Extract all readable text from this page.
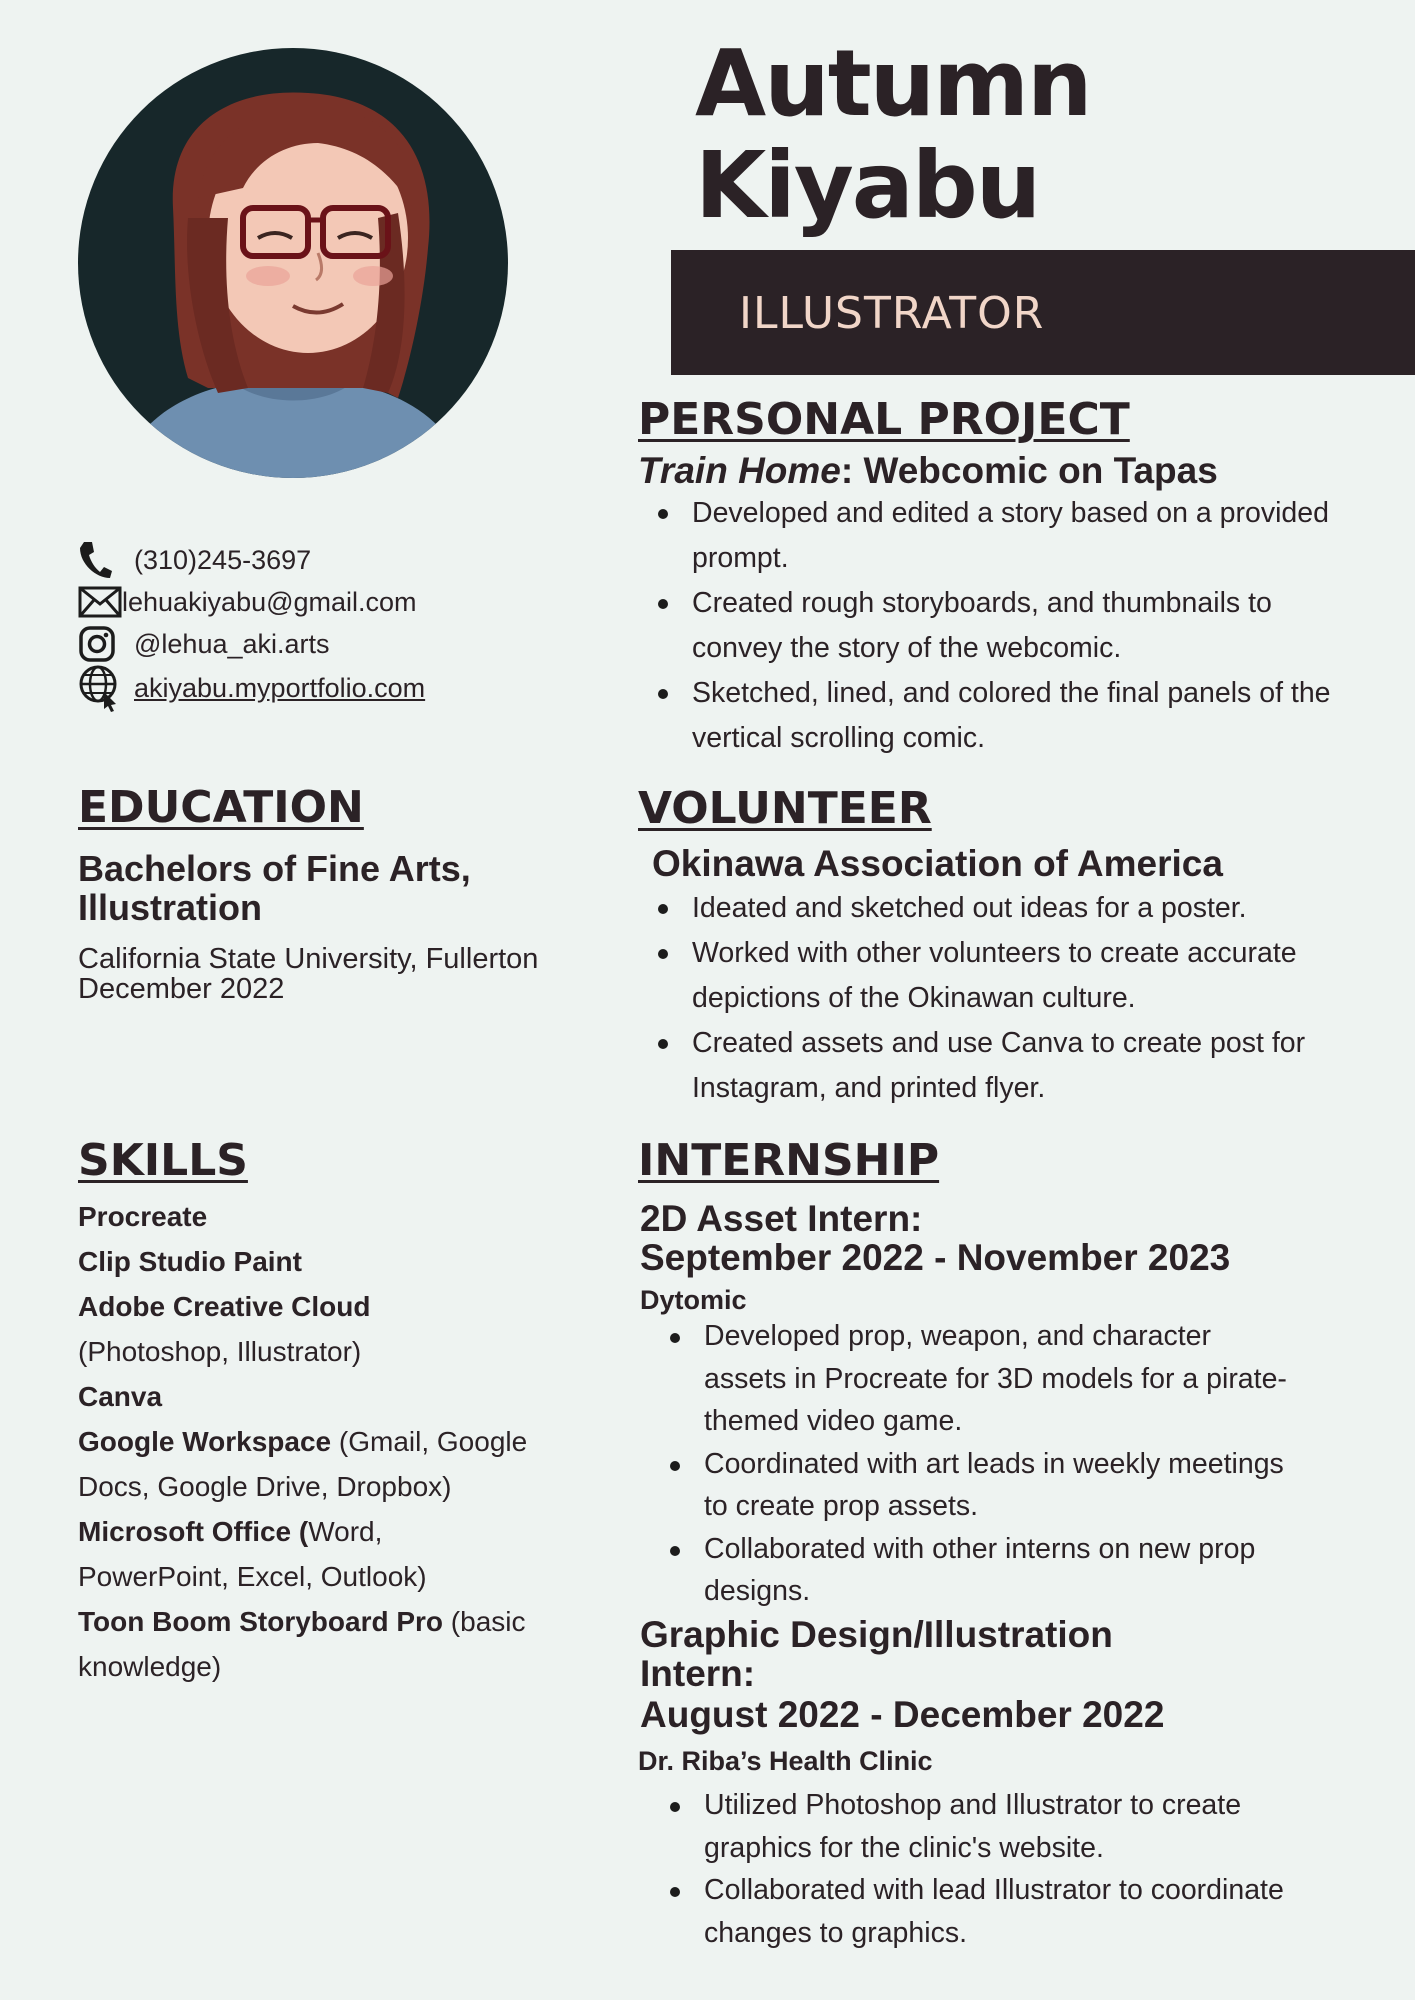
Autumn
Kiyabu
ILLUSTRATOR
(310)245-3697
lehuakiyabu@gmail.com
@lehua_aki.arts
akiyabu.myportfolio.com
EDUCATION
Bachelors of Fine Arts,
Illustration
California State University, Fullerton
December 2022
SKILLS
Procreate
Clip Studio Paint
Adobe Creative Cloud
(Photoshop, Illustrator)
Canva
Google Workspace (Gmail, Google
Docs, Google Drive, Dropbox)
Microsoft Office (Word,
PowerPoint, Excel, Outlook)
Toon Boom Storyboard Pro (basic
knowledge)
PERSONAL PROJECT
Train Home: Webcomic on Tapas
Developed and edited a story based on a provided prompt.
Created rough storyboards, and thumbnails to convey the story of the webcomic.
Sketched, lined, and colored the final panels of the vertical scrolling comic.
VOLUNTEER
Okinawa Association of America
Ideated and sketched out ideas for a poster.
Worked with other volunteers to create accurate depictions of the Okinawan culture.
Created assets and use Canva to create post for Instagram, and printed flyer.
INTERNSHIP
2D Asset Intern:
September 2022 - November 2023
Dytomic
Developed prop, weapon, and character assets in Procreate for 3D models for a pirate-themed video game.
Coordinated with art leads in weekly meetings to create prop assets.
Collaborated with other interns on new prop designs.
Graphic Design/Illustration
Intern:
August 2022 - December 2022
Dr. Riba’s Health Clinic
Utilized Photoshop and Illustrator to create graphics for the clinic's website.
Collaborated with lead Illustrator to coordinate changes to graphics.
